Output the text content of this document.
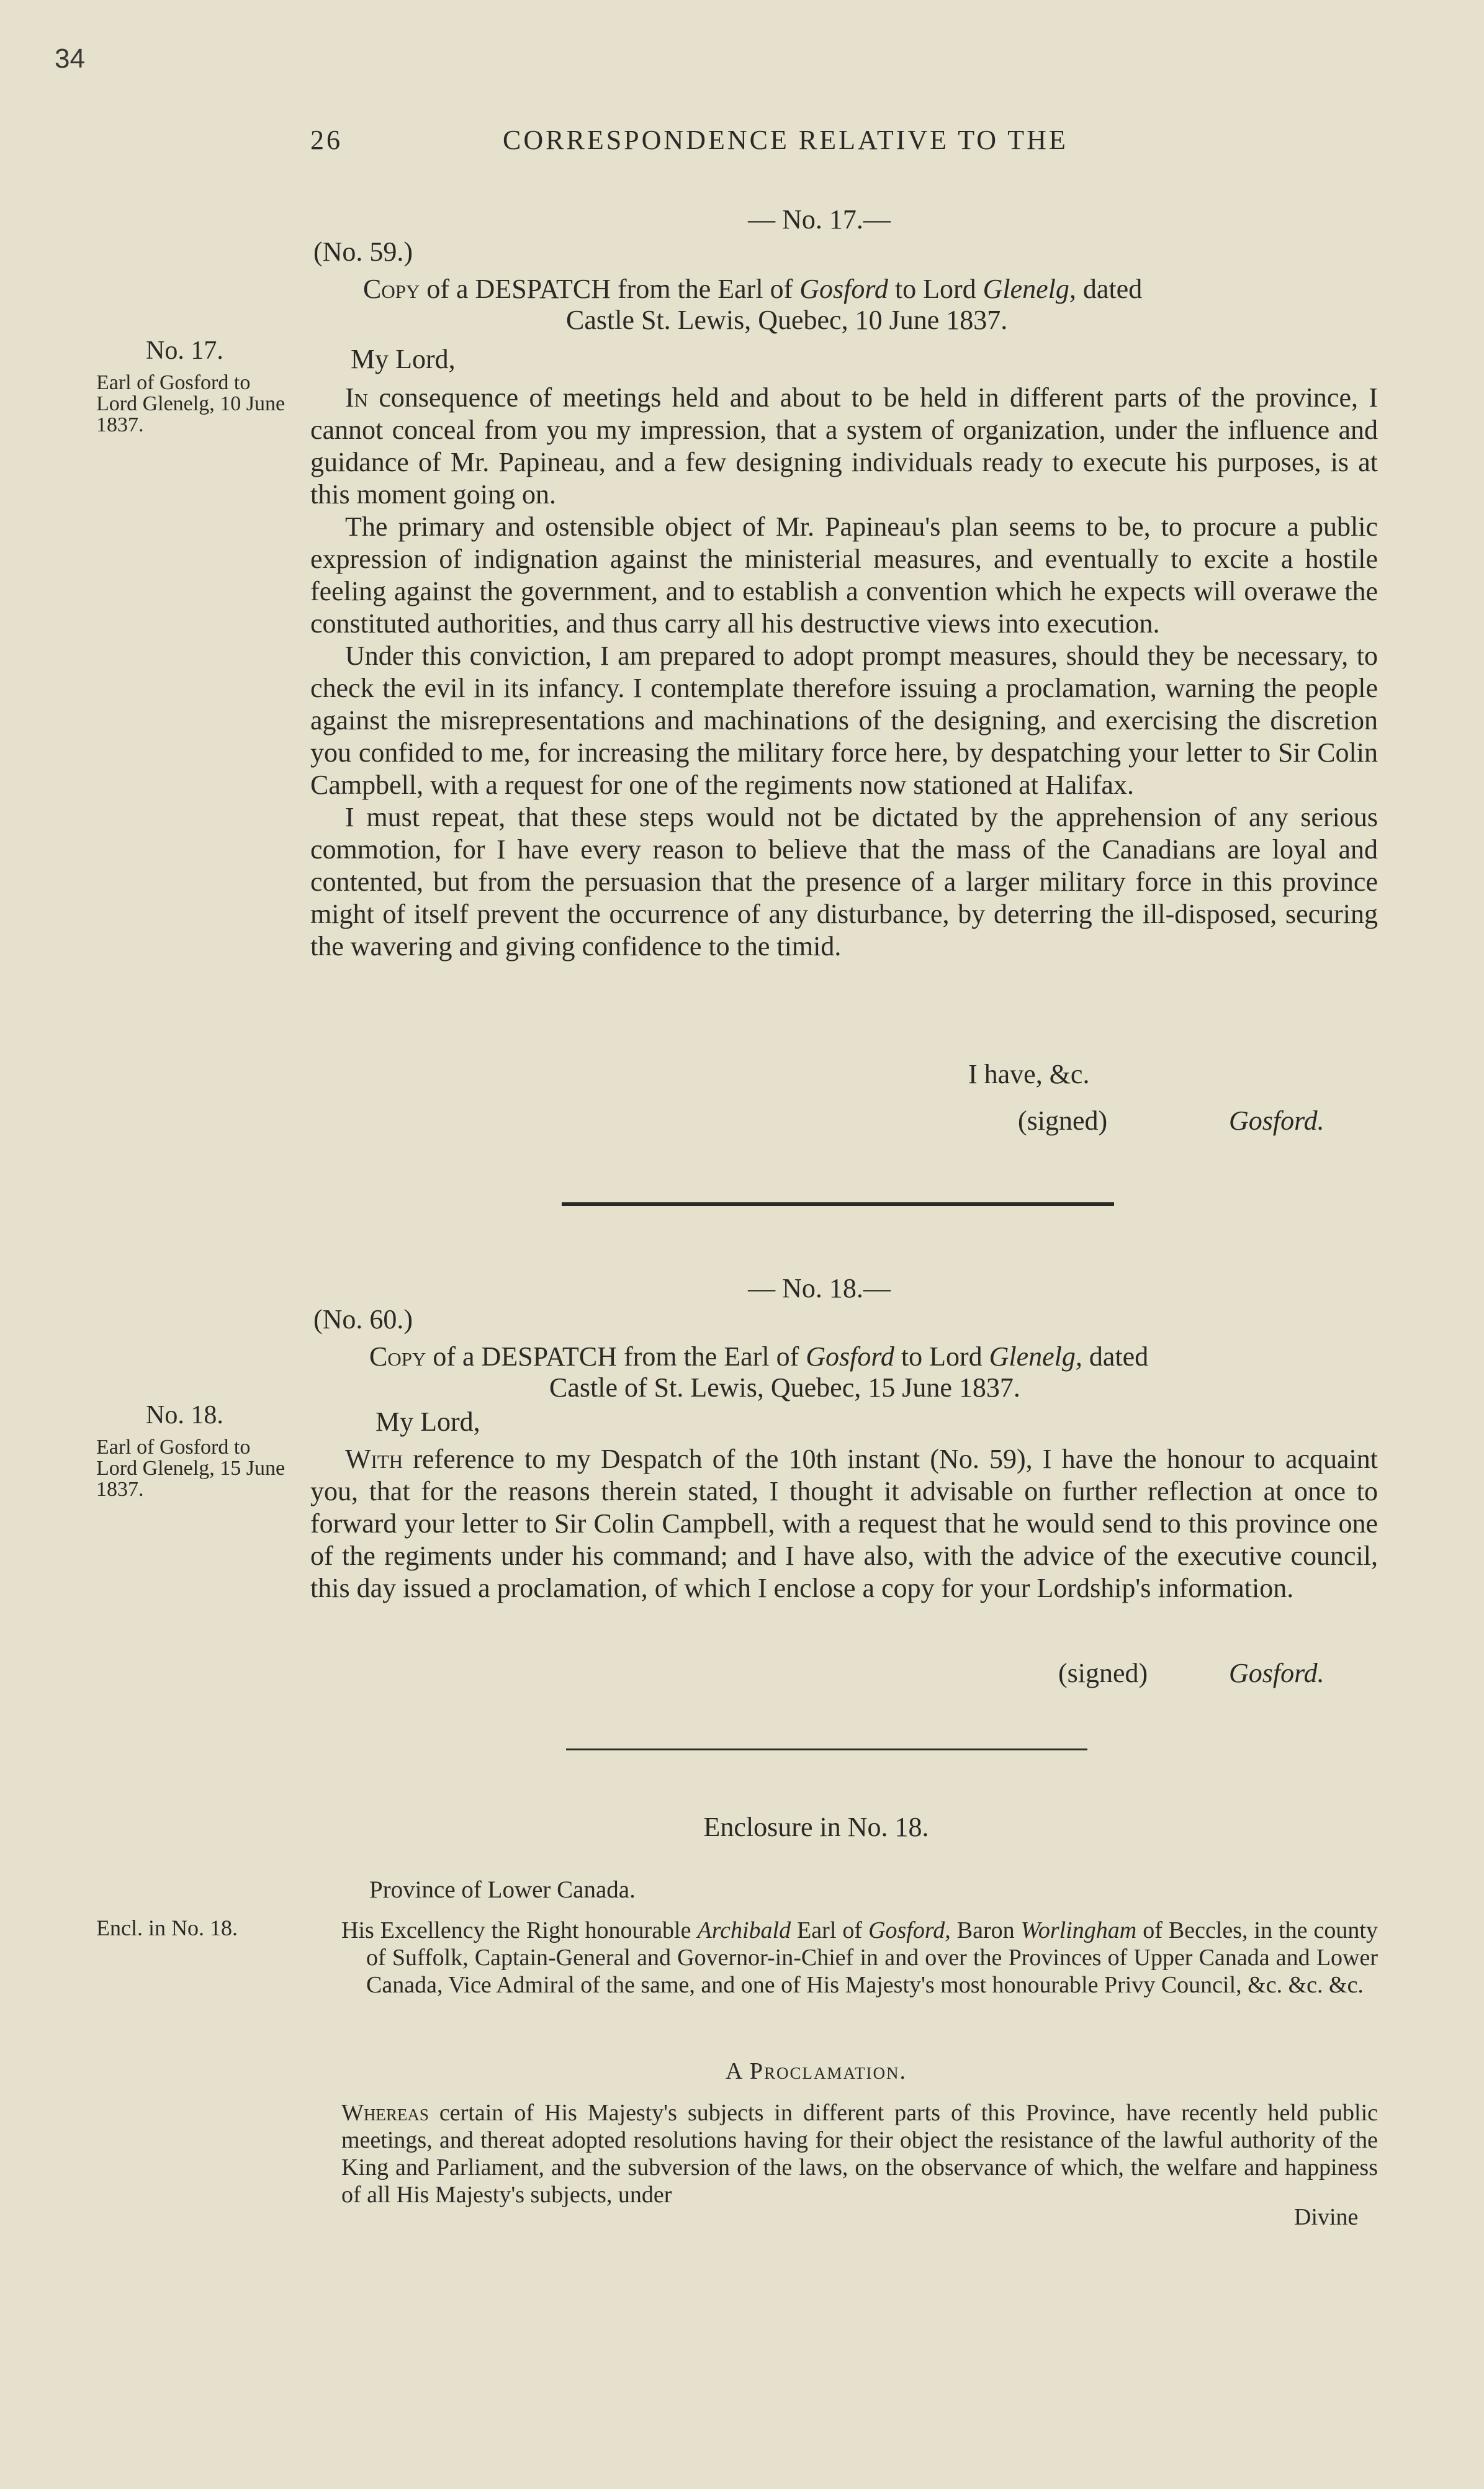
34
26	CORRESPONDENCE RELATIVE TO THE
— No. 17.—
(No. 59.)
Copy of a DESPATCH from the Earl of Gosford to Lord Glenelg, dated
Castle St. Lewis, Quebec, 10 June 1837.
No. 17.
Earl of Gosford to Lord Glenelg, 10 June 1837.
My Lord,

In consequence of meetings held and about to be held in different parts of the province, I cannot conceal from you my impression, that a system of organization, under the influence and guidance of Mr. Papineau, and a few designing individuals ready to execute his purposes, is at this moment going on.

The primary and ostensible object of Mr. Papineau's plan seems to be, to procure a public expression of indignation against the ministerial measures, and eventually to excite a hostile feeling against the government, and to establish a convention which he expects will overawe the constituted authorities, and thus carry all his destructive views into execution.

Under this conviction, I am prepared to adopt prompt measures, should they be necessary, to check the evil in its infancy. I contemplate therefore issuing a proclamation, warning the people against the misrepresentations and machinations of the designing, and exercising the discretion you confided to me, for increasing the military force here, by despatching your letter to Sir Colin Campbell, with a request for one of the regiments now stationed at Halifax.

I must repeat, that these steps would not be dictated by the apprehension of any serious commotion, for I have every reason to believe that the mass of the Canadians are loyal and contented, but from the persuasion that the presence of a larger military force in this province might of itself prevent the occurrence of any disturbance, by deterring the ill-disposed, securing the wavering and giving confidence to the timid.

I have, &c.
(signed)	Gosford.
— No. 18.—
(No. 60.)
Copy of a DESPATCH from the Earl of Gosford to Lord Glenelg, dated
Castle of St. Lewis, Quebec, 15 June 1837.
No. 18.
Earl of Gosford to Lord Glenelg, 15 June 1837.
My Lord,

With reference to my Despatch of the 10th instant (No. 59), I have the honour to acquaint you, that for the reasons therein stated, I thought it advisable on further reflection at once to forward your letter to Sir Colin Campbell, with a request that he would send to this province one of the regiments under his command; and I have also, with the advice of the executive council, this day issued a proclamation, of which I enclose a copy for your Lordship's information.

(signed)	Gosford.
Enclosure in No. 18.
Encl. in No. 18.
Province of Lower Canada.

His Excellency the Right honourable Archibald Earl of Gosford, Baron Worlingham of Beccles, in the county of Suffolk, Captain-General and Governor-in-Chief in and over the Provinces of Upper Canada and Lower Canada, Vice Admiral of the same, and one of His Majesty's most honourable Privy Council, &c. &c. &c.

A Proclamation.

Whereas certain of His Majesty's subjects in different parts of this Province, have recently held public meetings, and thereat adopted resolutions having for their object the resistance of the lawful authority of the King and Parliament, and the subversion of the laws, on the observance of which, the welfare and happiness of all His Majesty's subjects, under

Divine
